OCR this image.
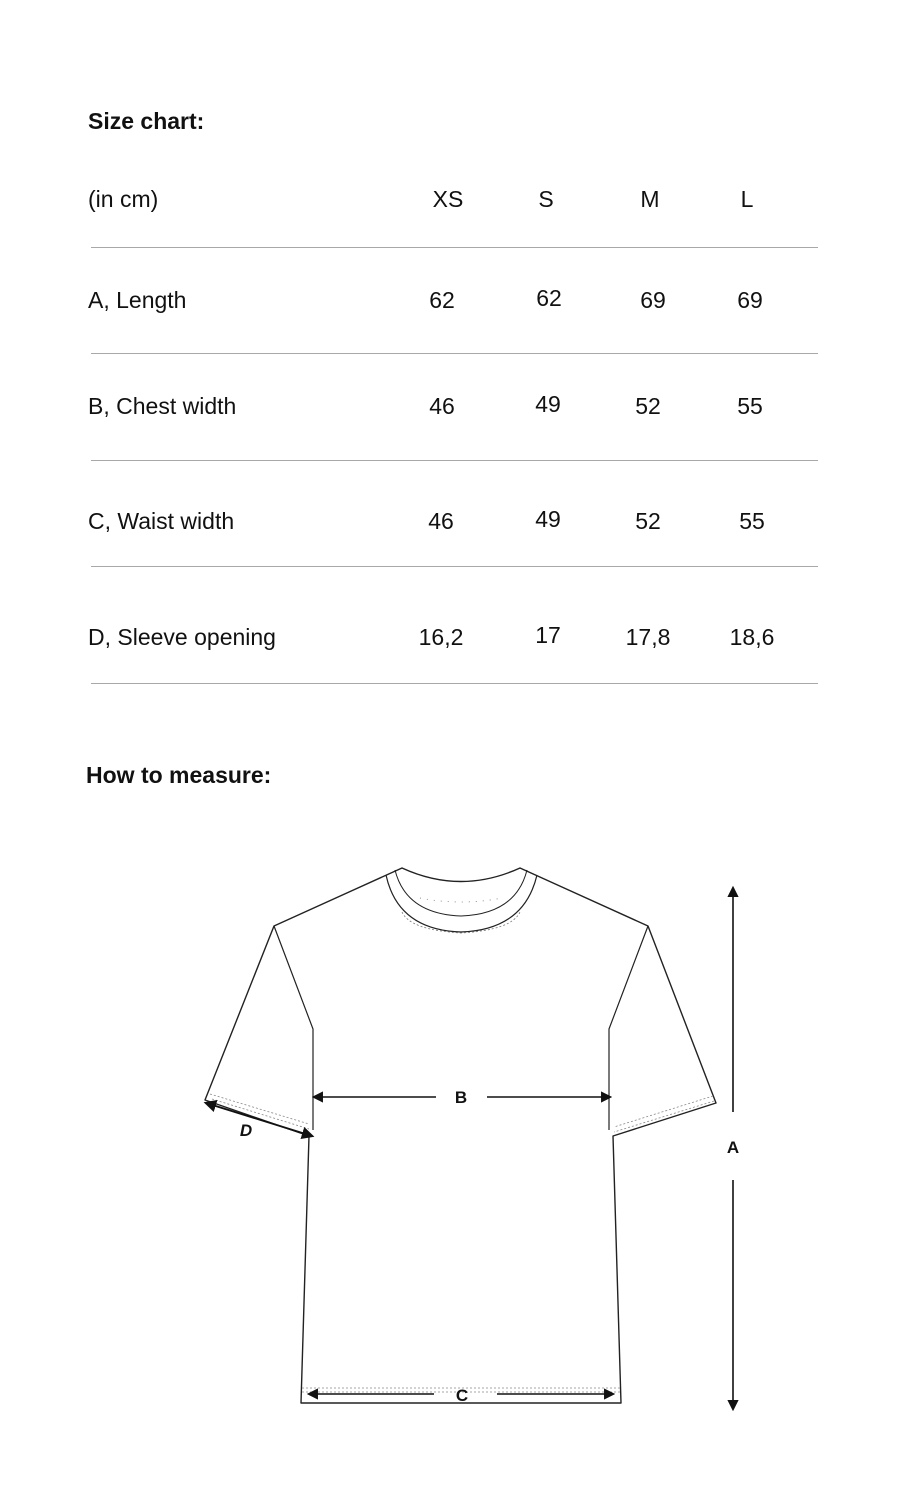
Size chart:
(in cm)	XS	S	M	L
A, Length	62	62	69	69
B, Chest width	46	49	52	55
C, Waist width	46	49	52	55
D, Sleeve opening	16,2	17	17,8	18,6
How to measure:
A
B
C
D
